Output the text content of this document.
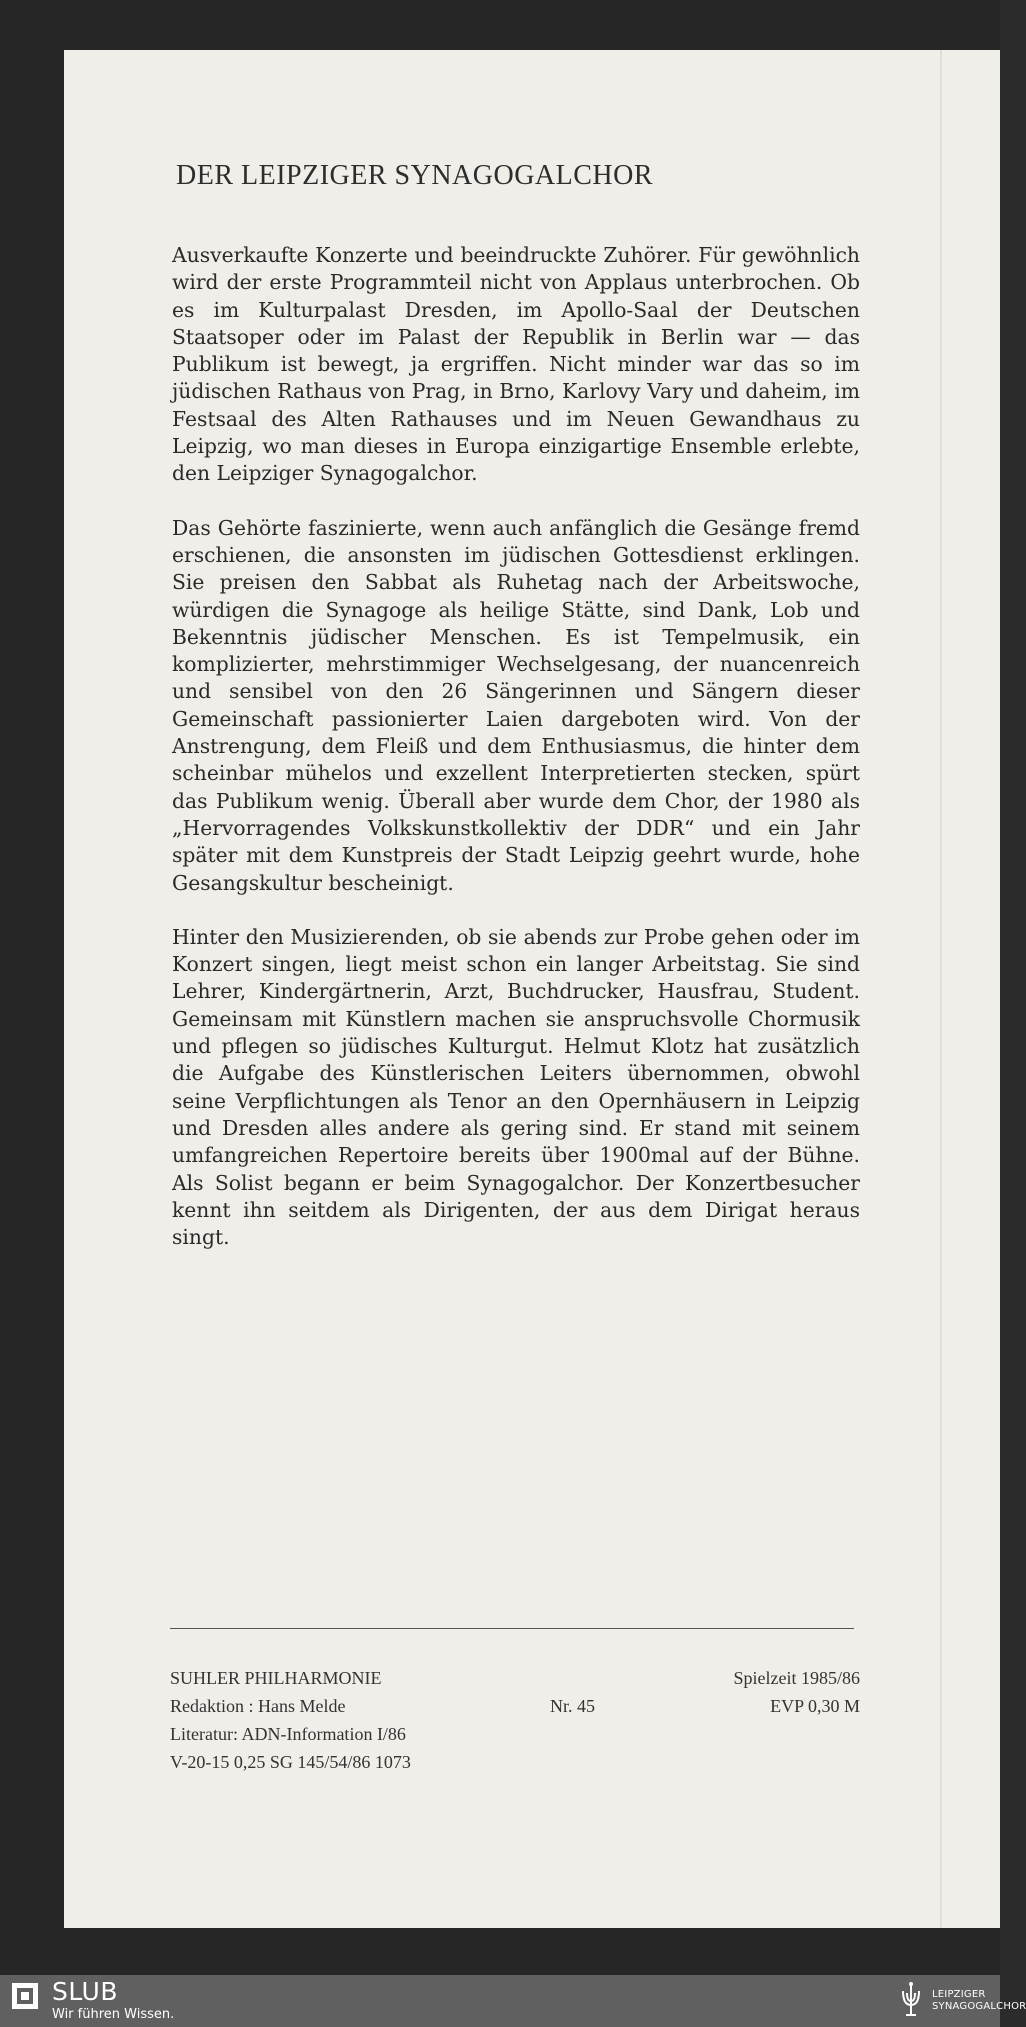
DER LEIPZIGER SYNAGOGALCHOR

Ausverkaufte Konzerte und beeindruckte Zuhörer. Für gewöhnlich wird der erste Programmteil nicht von Applaus unterbrochen. Ob es im Kulturpalast Dresden, im Apollo-Saal der Deutschen Staatsoper oder im Palast der Republik in Berlin war — das Publikum ist bewegt, ja ergriffen. Nicht minder war das so im jüdischen Rathaus von Prag, in Brno, Karlovy Vary und daheim, im Festsaal des Alten Rathauses und im Neuen Gewandhaus zu Leipzig, wo man dieses in Europa einzigartige Ensemble erlebte, den Leipziger Synagogalchor.

Das Gehörte faszinierte, wenn auch anfänglich die Gesänge fremd erschienen, die ansonsten im jüdischen Gottesdienst erklingen. Sie preisen den Sabbat als Ruhetag nach der Arbeitswoche, würdigen die Synagoge als heilige Stätte, sind Dank, Lob und Bekenntnis jüdischer Menschen. Es ist Tempelmusik, ein komplizierter, mehrstimmiger Wechselgesang, der nuancenreich und sensibel von den 26 Sängerinnen und Sängern dieser Gemeinschaft passionierter Laien dargeboten wird. Von der Anstrengung, dem Fleiß und dem Enthusiasmus, die hinter dem scheinbar mühelos und exzellent Interpretierten stecken, spürt das Publikum wenig. Überall aber wurde dem Chor, der 1980 als „Hervorragendes Volkskunstkollektiv der DDR“ und ein Jahr später mit dem Kunstpreis der Stadt Leipzig geehrt wurde, hohe Gesangskultur bescheinigt.

Hinter den Musizierenden, ob sie abends zur Probe gehen oder im Konzert singen, liegt meist schon ein langer Arbeitstag. Sie sind Lehrer, Kindergärtnerin, Arzt, Buchdrucker, Hausfrau, Student. Gemeinsam mit Künstlern machen sie anspruchsvolle Chormusik und pflegen so jüdisches Kulturgut. Helmut Klotz hat zusätzlich die Aufgabe des Künstlerischen Leiters übernommen, obwohl seine Verpflichtungen als Tenor an den Opernhäusern in Leipzig und Dresden alles andere als gering sind. Er stand mit seinem umfangreichen Repertoire bereits über 1900mal auf der Bühne. Als Solist begann er beim Synagogalchor. Der Konzertbesucher kennt ihn seitdem als Dirigenten, der aus dem Dirigat heraus singt.

SUHLER PHILHARMONIE	Spielzeit 1985/86
Redaktion : Hans Melde	Nr. 45	EVP 0,30 M
Literatur: ADN-Information I/86
V-20-15 0,25 SG 145/54/86 1073
SLUB
Wir führen Wissen.
LEIPZIGER
SYNAGOGALCHOR
